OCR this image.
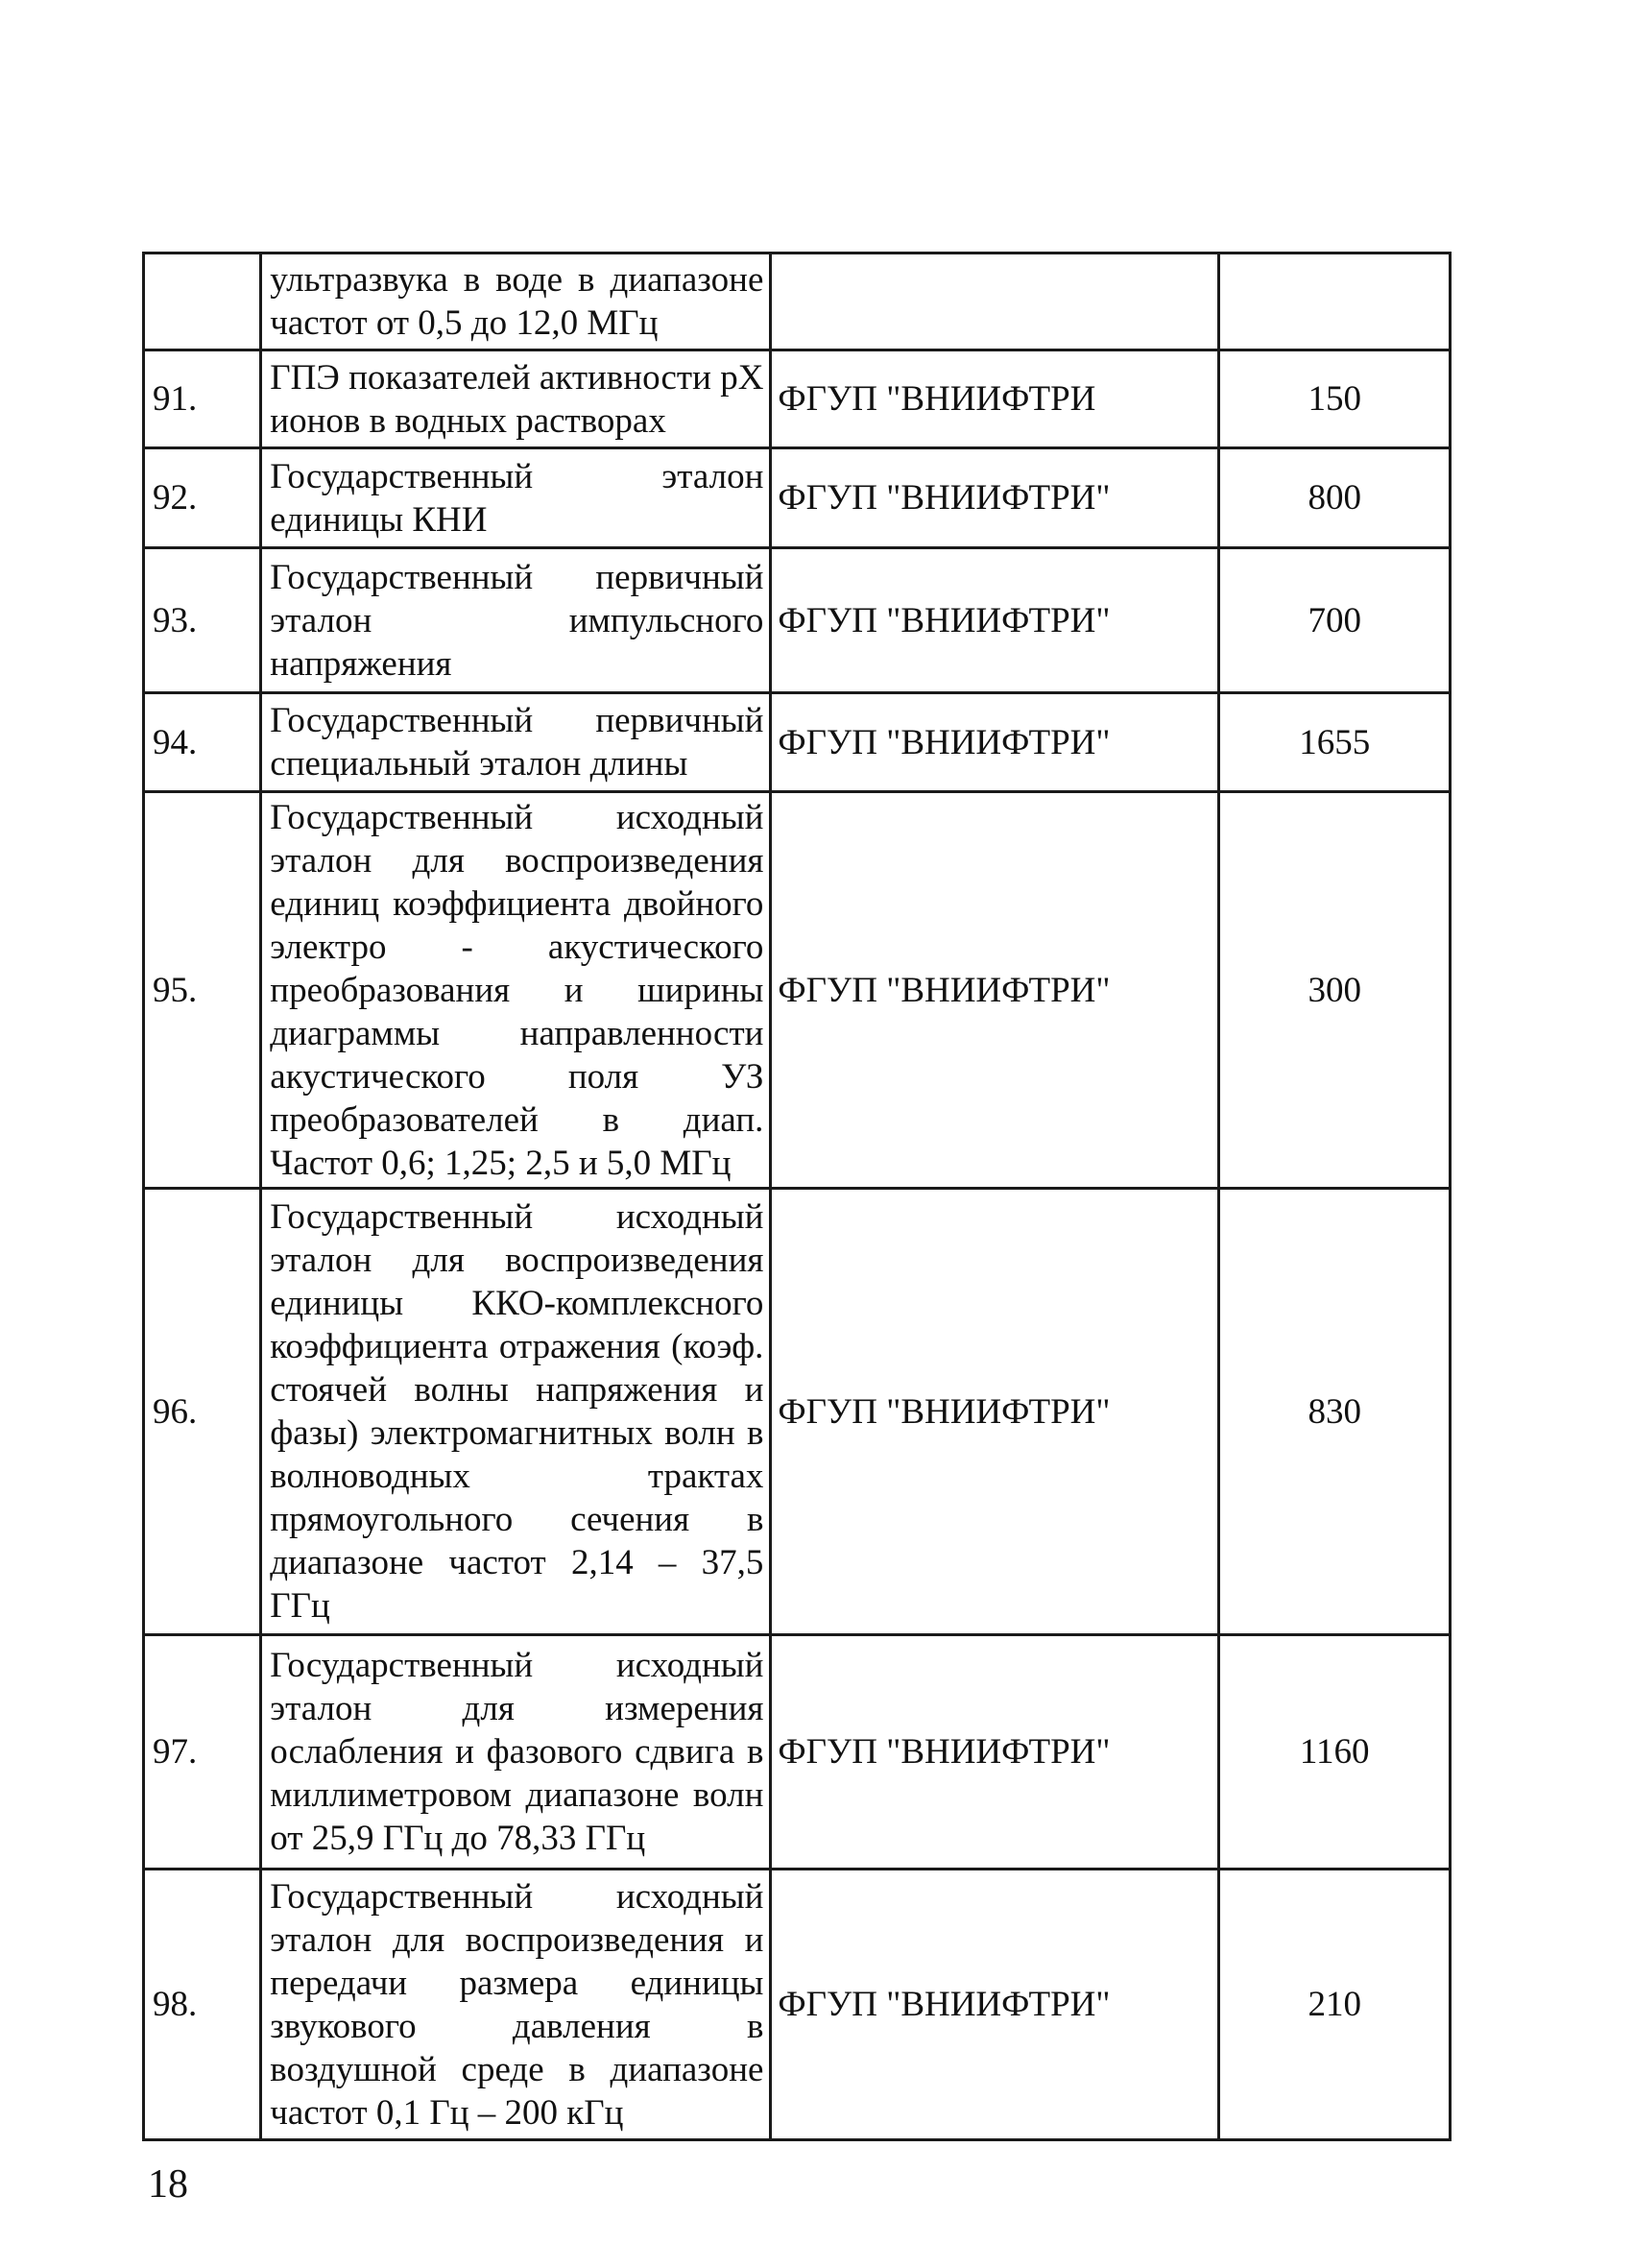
	ультразвука в воде в диапазоне частот от 0,5 до 12,0 МГц		

91.	ГПЭ показателей активности рХ ионов в водных растворах	ФГУП "ВНИИФТРИ	150
92.	Государственный эталон единицы КНИ	ФГУП "ВНИИФТРИ"	800
93.	Государственный первичный эталон импульсного напряжения	ФГУП "ВНИИФТРИ"	700
94.	Государственный первичный специальный эталон длины	ФГУП "ВНИИФТРИ"	1655
95.	Государственный исходный эталон для воспроизведения единиц коэффициента двойного электро - акустического преобразования и ширины диаграммы направленности акустического поля УЗ преобразователей в диап. Частот 0,6; 1,25; 2,5 и 5,0 МГц	ФГУП "ВНИИФТРИ"	300
96.	Государственный исходный эталон для воспроизведения единицы ККО-комплексного коэффициента отражения (коэф. стоячей волны напряжения и фазы) электромагнитных волн в волноводных трактах прямоугольного сечения в диапазоне частот 2,14 – 37,5 ГГц	ФГУП "ВНИИФТРИ"	830
97.	Государственный исходный эталон для измерения ослабления и фазового сдвига в миллиметровом диапазоне волн от 25,9 ГГц до 78,33 ГГц	ФГУП "ВНИИФТРИ"	1160
98.	Государственный исходный эталон для воспроизведения и передачи размера единицы звукового давления в воздушной среде в диапазоне частот 0,1 Гц – 200 кГц	ФГУП "ВНИИФТРИ"	210
18
